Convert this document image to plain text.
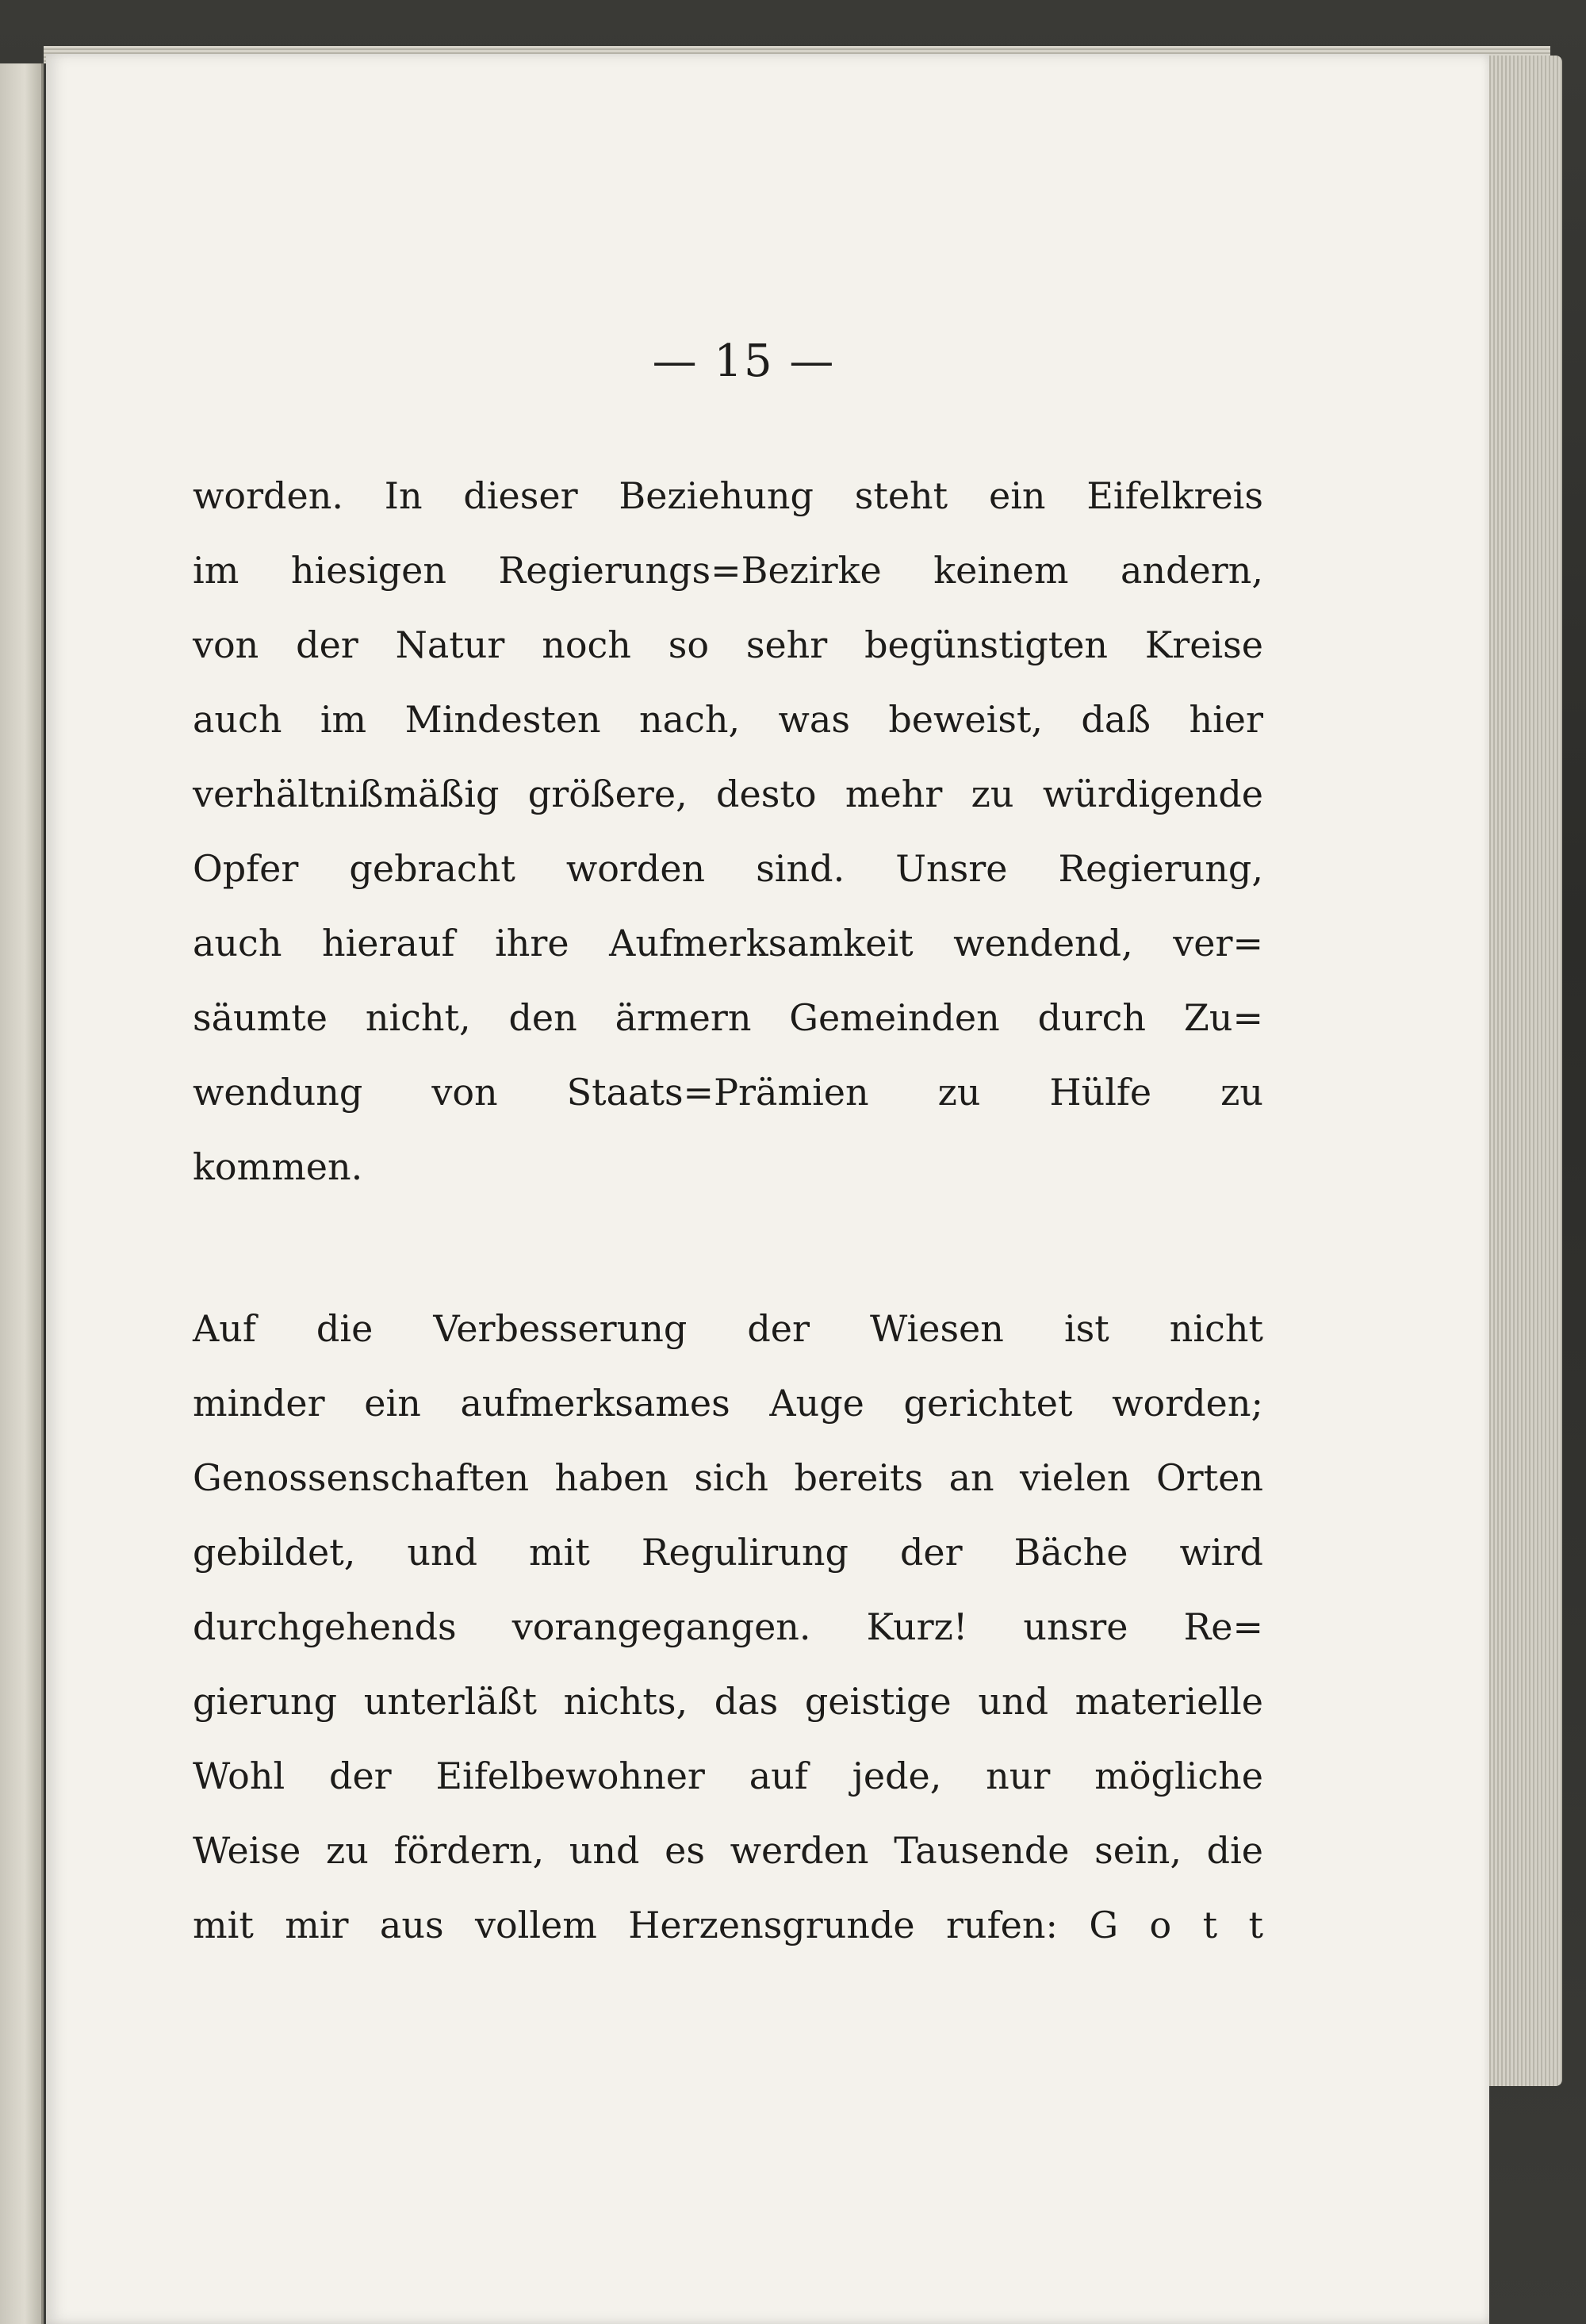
— 15 —
worden. In dieser Beziehung steht ein Eifelkreis
im hiesigen Regierungs=Bezirke keinem andern,
von der Natur noch so sehr begünstigten Kreise
auch im Mindesten nach, was beweist, daß hier
verhältnißmäßig größere, desto mehr zu würdigende
Opfer gebracht worden sind. Unsre Regierung,
auch hierauf ihre Aufmerksamkeit wendend, ver=
säumte nicht, den ärmern Gemeinden durch Zu=
wendung von Staats=Prämien zu Hülfe zu
kommen.
Auf die Verbesserung der Wiesen ist nicht
minder ein aufmerksames Auge gerichtet worden;
Genossenschaften haben sich bereits an vielen Orten
gebildet, und mit Regulirung der Bäche wird
durchgehends vorangegangen. Kurz! unsre Re=
gierung unterläßt nichts, das geistige und materielle
Wohl der Eifelbewohner auf jede, nur mögliche
Weise zu fördern, und es werden Tausende sein, die
mit mir aus vollem Herzensgrunde rufen: G o t t
